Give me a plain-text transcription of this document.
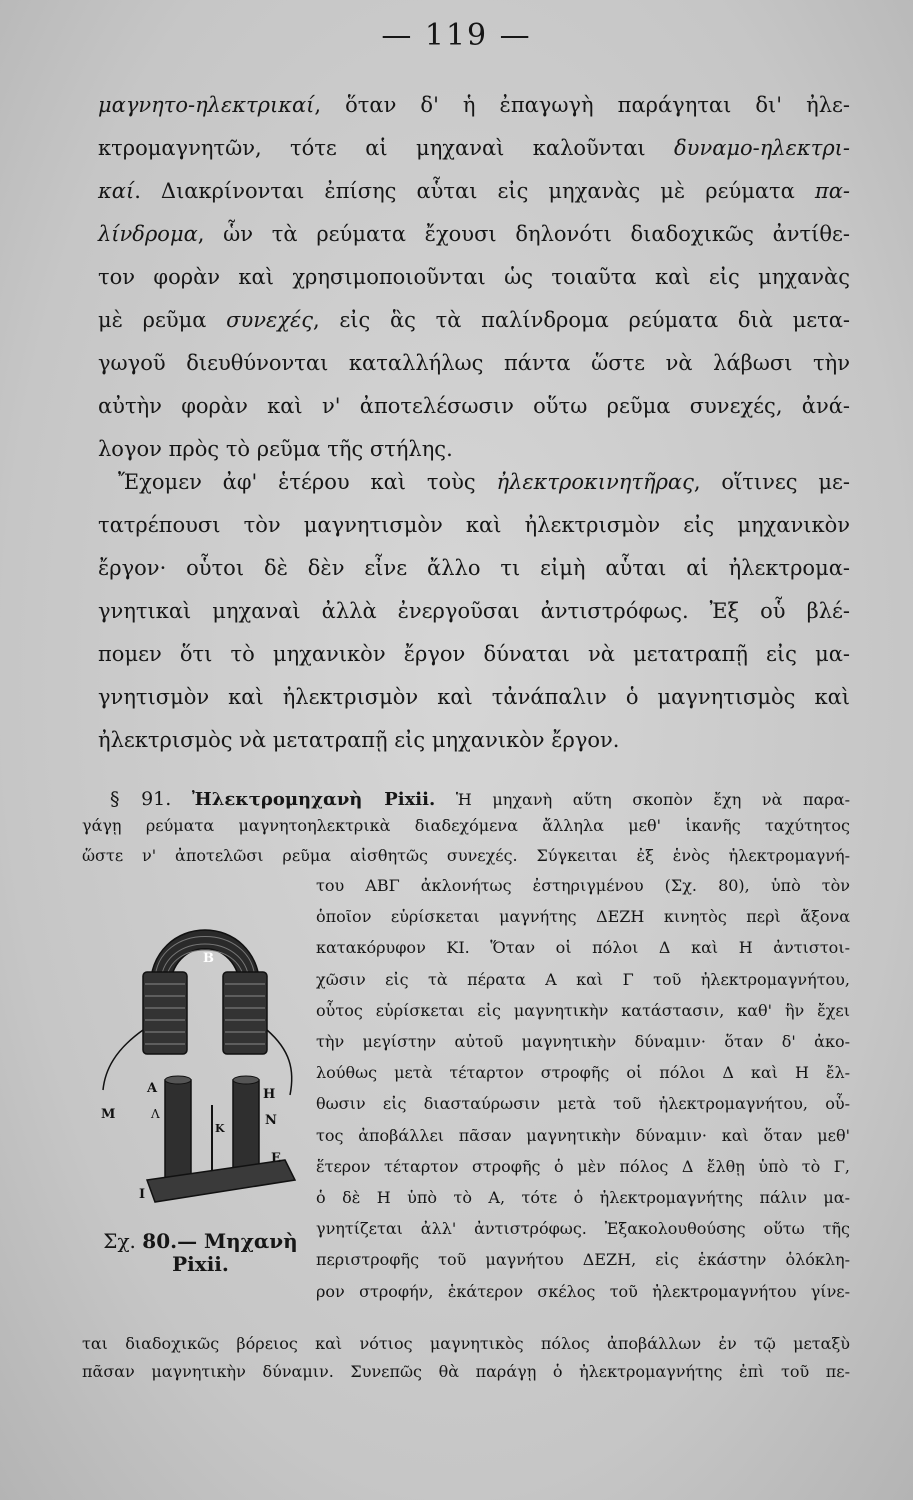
— 119 —
μαγνητο-ηλεκτρικαί, ὅταν δ' ἡ ἐπαγωγὴ παράγηται δι' ἠλε-
κτρομαγνητῶν, τότε αἱ μηχαναὶ καλοῦνται δυναμο-ηλεκτρι-
καί. Διακρίνονται ἐπίσης αὗται εἰς μηχανὰς μὲ ρεύματα πα-
λίνδρομα, ὧν τὰ ρεύματα ἔχουσι δηλονότι διαδοχικῶς ἀντίθε-
τον φορὰν καὶ χρησιμοποιοῦνται ὡς τοιαῦτα καὶ εἰς μηχανὰς
μὲ ρεῦμα συνεχές, εἰς ἃς τὰ παλίνδρομα ρεύματα διὰ μετα-
γωγοῦ διευθύνονται καταλλήλως πάντα ὥστε νὰ λάβωσι τὴν
αὐτὴν φορὰν καὶ ν' ἀποτελέσωσιν οὕτω ρεῦμα συνεχές, ἀνά-
λογον πρὸς τὸ ρεῦμα τῆς στήλης.
Ἔχομεν ἀφ' ἑτέρου καὶ τοὺς ἠλεκτροκινητῆρας, οἵτινες με-
τατρέπουσι τὸν μαγνητισμὸν καὶ ἠλεκτρισμὸν εἰς μηχανικὸν
ἔργον· οὗτοι δὲ δὲν εἶνε ἄλλο τι εἰμὴ αὗται αἱ ἠλεκτρομα-
γνητικαὶ μηχαναὶ ἀλλὰ ἐνεργοῦσαι ἀντιστρόφως. Ἐξ οὗ βλέ-
πομεν ὅτι τὸ μηχανικὸν ἔργον δύναται νὰ μετατραπῇ εἰς μα-
γνητισμὸν καὶ ἠλεκτρισμὸν καὶ τἀνάπαλιν ὁ μαγνητισμὸς καὶ
ἠλεκτρισμὸς νὰ μετατραπῇ εἰς μηχανικὸν ἔργον.
§ 91. Ἠλεκτρομηχανὴ Pixii. Ἡ μηχανὴ αὕτη σκοπὸν ἔχη νὰ παρα-
γάγῃ ρεύματα μαγνητοηλεκτρικὰ διαδεχόμενα ἄλληλα μεθ' ἱκανῆς ταχύτητος
ὥστε ν' ἀποτελῶσι ρεῦμα αἰσθητῶς συνεχές. Σύγκειται ἐξ ἑνὸς ἠλεκτρομαγνή-
του ΑΒΓ ἀκλονήτως ἐστηριγμένου (Σχ. 80), ὑπὸ τὸν
ὁποῖον εὑρίσκεται μαγνήτης ΔΕΖΗ κινητὸς περὶ ἄξονα
κατακόρυφον ΚΙ. Ὅταν οἱ πόλοι Δ καὶ Η ἀντιστοι-
χῶσιν εἰς τὰ πέρατα Α καὶ Γ τοῦ ἠλεκτρομαγνήτου,
οὗτος εὑρίσκεται εἰς μαγνητικὴν κατάστασιν, καθ' ἣν ἔχει
τὴν μεγίστην αὐτοῦ μαγνητικὴν δύναμιν· ὅταν δ' ἀκο-
λούθως μετὰ τέταρτον στροφῆς οἱ πόλοι Δ καὶ Η ἔλ-
θωσιν εἰς διασταύρωσιν μετὰ τοῦ ἠλεκτρομαγνήτου, οὗ-
τος ἀποβάλλει πᾶσαν μαγνητικὴν δύναμιν· καὶ ὅταν μεθ'
ἕτερον τέταρτον στροφῆς ὁ μὲν πόλος Δ ἔλθῃ ὑπὸ τὸ Γ,
ὁ δὲ Η ὑπὸ τὸ Α, τότε ὁ ἠλεκτρομαγνήτης πάλιν μα-
γνητίζεται ἀλλ' ἀντιστρόφως. Ἐξακολουθούσης οὕτω τῆς
περιστροφῆς τοῦ μαγνήτου ΔΕΖΗ, εἰς ἑκάστην ὁλόκλη-
ρον στροφήν, ἑκάτερον σκέλος τοῦ ἠλεκτρομαγνήτου γίνε-
ται διαδοχικῶς βόρειος καὶ νότιος μαγνητικὸς πόλος ἀποβάλλων ἐν τῷ μεταξὺ
πᾶσαν μαγνητικὴν δύναμιν. Συνεπῶς θὰ παράγῃ ὁ ἠλεκτρομαγνήτης ἐπὶ τοῦ πε-
B
Α	H
K
M	Λ	N
E
I
Σχ. 80.— Μηχανὴ
Pixii.
